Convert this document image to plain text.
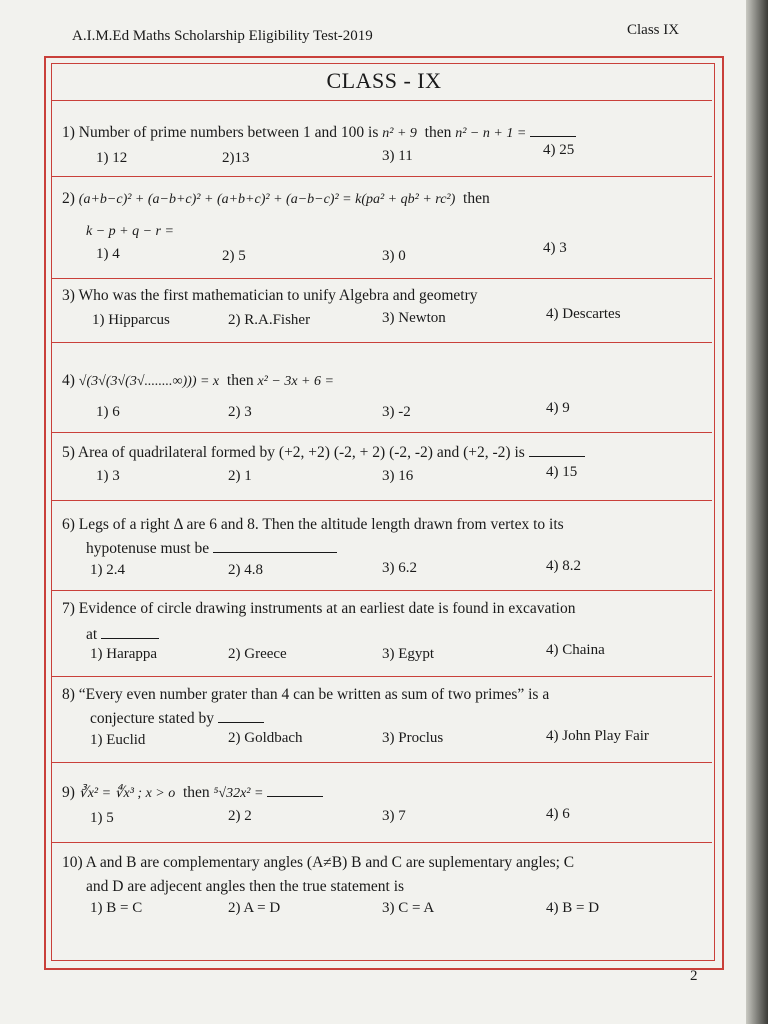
A.I.M.Ed Maths Scholarship Eligibility Test-2019	Class IX
CLASS - IX
1) Number of prime numbers between 1 and 100 is n² + 9 then n² − n + 1 =
1) 12	2)13	3) 11	4) 25
2) (a+b−c)² + (a−b+c)² + (a+b+c)² + (a−b−c)² = k(pa² + qb² + rc²) then
k − p + q − r =
1) 4	2) 5	3) 0	4) 3
3) Who was the first mathematician to unify Algebra and geometry
1) Hipparcus	2) R.A.Fisher	3) Newton	4) Descartes
4) √(3√(3√(3√........∞))) = x then x² − 3x + 6 =
1) 6	2) 3	3) -2	4) 9
5) Area of quadrilateral formed by (+2, +2) (-2, + 2) (-2, -2) and (+2, -2) is
1) 3	2) 1	3) 16	4) 15
6) Legs of a right Δ are 6 and 8. Then the altitude length drawn from vertex to its
hypotenuse must be
1) 2.4	2) 4.8	3) 6.2	4) 8.2
7) Evidence of circle drawing instruments at an earliest date is found in excavation
at
1) Harappa	2) Greece	3) Egypt	4) Chaina
8) “Every even number grater than 4 can be written as sum of two primes” is a
conjecture stated by
1) Euclid	2) Goldbach	3) Proclus	4) John Play Fair
9) ∛x² = ∜x³ ; x > o then ⁵√32x² =
1) 5	2) 2	3) 7	4) 6
10) A and B are complementary angles (A≠B) B and C are suplementary angles; C
and D are adjecent angles then the true statement is
1) B = C	2) A = D	3) C = A	4) B = D
2
